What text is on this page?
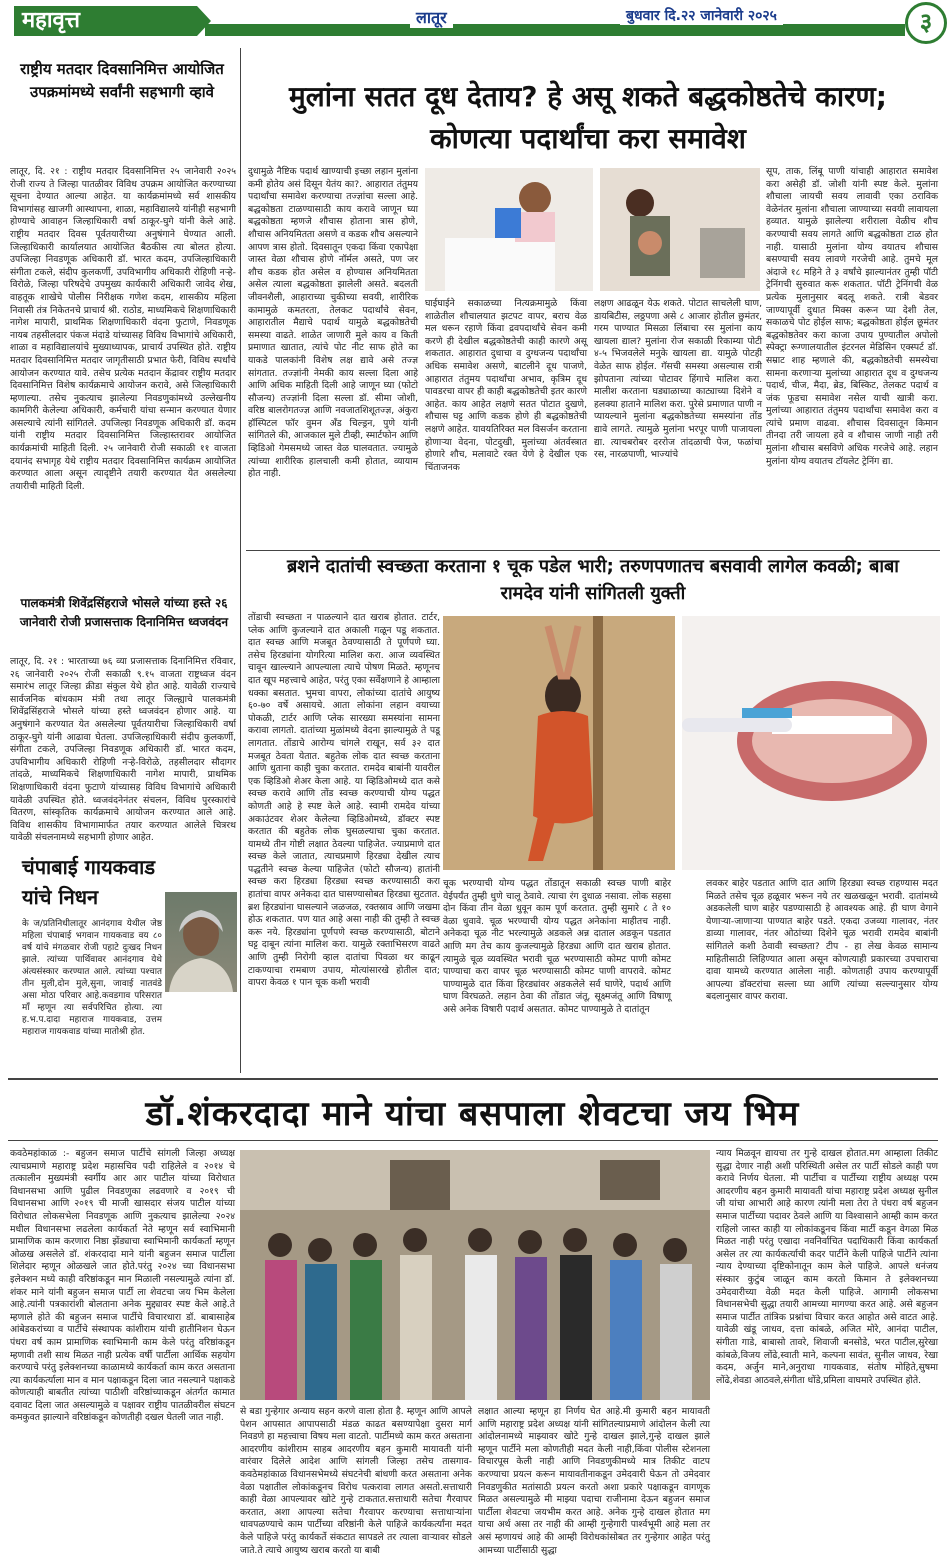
महावृत्त	लातूर	बुधवार दि.२२ जानेवारी २०२५	३
राष्ट्रीय मतदार दिवसानिमित्त आयोजित उपक्रमांमध्ये सर्वांनी सहभागी व्हावे
लातूर, दि. २१ : राष्ट्रीय मतदार दिवसानिमित्त २५ जानेवारी २०२५ रोजी राज्य ते जिल्हा पातळीवर विविध उपक्रम आयोजित करण्याच्या सूचना देण्यात आल्या आहेत. या कार्यक्रमांमध्ये सर्व शासकीय विभागांसह खाजगी आस्थापना, शाळा, महाविद्यालये यांनीही सहभागी होण्याचे आवाहन जिल्हाधिकारी वर्षा ठाकूर-घुगे यांनी केले आहे. राष्ट्रीय मतदार दिवस पूर्वतयारीच्या अनुषंगाने घेण्यात आली. जिल्हाधिकारी कार्यालयात आयोजित बैठकीस त्या बोलत होत्या. उपजिल्हा निवडणूक अधिकारी डॉ. भारत कदम, उपजिल्हाधिकारी संगीता टकले, संदीप कुलकर्णी, उपविभागीय अधिकारी रोहिणी नऱ्हे-विरोळे, जिल्हा परिषदेचे उपमुख्य कार्यकारी अधिकारी जावेद शेख, वाहतूक शाखेचे पोलीस निरीक्षक गणेश कदम, शासकीय महिला निवासी तंत्र निकेतनचे प्राचार्य श्री. राठोड, माध्यमिकचे शिक्षणाधिकारी नागेश मापारी, प्राथमिक शिक्षणाधिकारी वंदना फुटाणे, निवडणूक नायब तहसीलदार पंकज मंदाडे यांच्यासह विविध विभागांचे अधिकारी, शाळा व महाविद्यालयांचे मुख्याध्यापक, प्राचार्य उपस्थित होते. राष्ट्रीय मतदार दिवसानिमित्त मतदार जागृतीसाठी प्रभात फेरी, विविध स्पर्धांचे आयोजन करण्यात यावे. तसेच प्रत्येक मतदान केंद्रावर राष्ट्रीय मतदार दिवसानिमित्त विशेष कार्यक्रमाचे आयोजन करावे, असे जिल्हाधिकारी म्हणाल्या. तसेच नुकत्याच झालेल्या निवडणुकांमध्ये उल्लेखनीय कामगिरी केलेल्या अधिकारी, कर्मचारी यांचा सन्मान करण्यात येणार असल्याचे त्यांनी सांगितले. उपजिल्हा निवडणूक अधिकारी डॉ. कदम यांनी राष्ट्रीय मतदार दिवसानिमित्त जिल्हास्तरावर आयोजित कार्यक्रमांची माहिती दिली. २५ जानेवारी रोजी सकाळी ११ वाजता दयानंद सभागृह येथे राष्ट्रीय मतदार दिवसानिमित्त कार्यक्रम आयोजित करण्यात आला असून त्यादृष्टीने तयारी करण्यात येत असलेल्या तयारीची माहिती दिली.
पालकमंत्री शिवेंद्रसिंहराजे भोसले यांच्या हस्ते २६ जानेवारी रोजी प्रजासत्ताक दिनानिमित्त ध्वजवंदन
लातूर, दि. २१ : भारताच्या ७६ व्या प्रजासत्ताक दिनानिमित्त रविवार, २६ जानेवारी २०२५ रोजी सकाळी ९.१५ वाजता राष्ट्रध्वज वंदन समारंभ लातूर जिल्हा क्रीडा संकुल येथे होत आहे. यावेळी राज्याचे सार्वजनिक बांधकाम मंत्री तथा लातूर जिल्ह्याचे पालकमंत्री शिवेंद्रसिंहराजे भोसले यांच्या हस्ते ध्वजवंदन होणार आहे. या अनुषंगाने करण्यात येत असलेल्या पूर्वतयारीचा जिल्हाधिकारी वर्षा ठाकूर-घुगे यांनी आढावा घेतला. उपजिल्हाधिकारी संदीप कुलकर्णी, संगीता टकले, उपजिल्हा निवडणूक अधिकारी डॉ. भारत कदम, उपविभागीय अधिकारी रोहिणी नऱ्हे-विरोळे, तहसीलदार सौदागर तांदळे, माध्यमिकचे शिक्षणाधिकारी नागेश मापारी, प्राथमिक शिक्षणाधिकारी वंदना फुटाणे यांच्यासह विविध विभागांचे अधिकारी यावेळी उपस्थित होते. ध्वजवंदनेनंतर संचलन, विविध पुरस्कारांचे वितरण, सांस्कृतिक कार्यक्रमाचे आयोजन करण्यात आले आहे. विविध शासकीय विभागामार्फत तयार करण्यात आलेले चित्ररथ यावेळी संचलनामध्ये सहभागी होणार आहेत.
चंपाबाई गायकवाड यांचे निधन
के ज/प्रतिनिधीलातूर आनंदगाव येथील जेष्ठ महिला चंपाबाई भगवान गायकवाड वय ८० वर्ष यांचे मंगळवार रोजी पहाटे दुःखद निधन झाले. त्यांच्या पार्थिवावर आनंदगाव येथे अंत्यसंस्कार करण्यात आले. त्यांच्या पश्चात तीन मुली,दोन मुले,सुना, जावाई नातवंडे असा मोठा परिवार आहे.कवडगाव परिसरात माँ म्हणून त्या सर्वपरिचित होत्या. त्या ह.भ.प.दादा महाराज गायकवाड, उत्तम महाराज गायकवाड यांच्या मातोश्री होत.
मुलांना सतत दूध देताय? हे असू शकते बद्धकोष्ठतेचे कारण; कोणत्या पदार्थांचा करा समावेश
दुधामुळे नैष्टिक पदार्थ खाण्याची इच्छा लहान मुलांना कमी होतेय असं दिसून येतंय का?. आहारात तंतुमय पदार्थांचा समावेश करण्याचा तज्ज्ञांचा सल्ला आहे. बद्धकोष्ठता टाळण्यासाठी काय करावे जाणून घ्या बद्धकोष्ठता म्हणजे शौचास होताना त्रास होणे, शौचास अनियमितता असणे व कडक शौच असल्याने आपण त्रास होतो. दिवसातून एकदा किंवा एकापेक्षा जास्त वेळा शौचास होणे नॉर्मल असते, पण जर शौच कडक होत असेल व होण्यास अनियमितता असेल त्याला बद्धकोष्ठता झालेली असते. बदलती जीवनशैली, आहाराच्या चुकीच्या सवयी, शारीरिक कामामुळे कमतरता, तेलकट पदार्थांचे सेवन, आहारातील मैद्याचे पदार्थ यामुळे बद्धकोष्ठतेची समस्या वाढते. शाळेत जाणारी मुले काय व किती प्रमाणात खातात, त्यांचे पोट नीट साफ होते का याकडे पालकांनी विशेष लक्ष द्यावे असे तज्ज्ञ सांगतात. तज्ज्ञांनी नेमकी काय सल्ला दिला आहे आणि अधिक माहिती दिली आहे जाणून घ्या (फोटो सौजन्य) तज्ज्ञांनी दिला सल्ला डॉ. सीमा जोशी, वरिष्ठ बालरोगतज्ज्ञ आणि नवजातशिशूतज्ज्ञ, अंकुरा हॉस्पिटल फॉर वुमन अँड चिल्ड्रन, पुणे यांनी सांगितले की, आजकाल मुले टीव्ही, स्मार्टफोन आणि व्हिडिओ गेमसमध्ये जास्त वेळ घालवतात. ज्यामुळे त्यांच्या शारीरिक हालचाली कमी होतात, व्यायाम होत नाही.
घाईघाईने सकाळच्या नित्यक्रमामुळे किंवा शाळेतील शौचालयात झटपट वापर, बराच वेळ मल धरून रहाणे किंवा द्रवपदार्थांचे सेवन कमी करणे ही देखील बद्धकोष्ठतेची काही कारणे असू शकतात. आहारात दुधाचा व दुग्धजन्य पदार्थांचा अधिक समावेश असणे, बाटलीने दूध पाजणे, आहारात तंतुमय पदार्थांचा अभाव, कृत्रिम दूध पावडरचा वापर ही काही बद्धकोष्ठतेची इतर कारणे आहेत. काय आहेत लक्षणे सतत पोटात दुखणे, शौचास घट्ट आणि कडक होणे ही बद्धकोष्ठतेची लक्षणे आहेत. यावयतिरिक्त मल विसर्जन करताना होणाऱ्या वेदना, पोटदुखी, मुलांच्या अंतर्वस्त्रात होणारे शौच, मलावाटे रक्त येणे हे देखील एक चिंताजनक
लक्षण आढळून येऊ शकते. पोटात साचलेली घाण, डायबिटीस, लठ्ठपणा असे ८ आजार होतील छुमंतर, गरम पाण्यात मिसळा लिंबाचा रस मुलांना काय खायला द्याल? मुलांना रोज सकाळी रिकाम्या पोटी ४-५ भिजवलेले मनुके खायला द्या. यामुळे पोटही वेळेत साफ होईल. गॅसची समस्या असल्यास रात्री झोपताना त्यांच्या पोटावर हिंगाचे मालिश करा. मालीश करताना घड्याळाच्या काट्याच्या दिशेने व हलक्या हाताने मालिश करा. पुरेसे प्रमाणात पाणी न प्यायल्याने मुलांना बद्धकोष्ठतेच्या समस्यांना तोंड द्यावे लागते. त्यामुळे मुलांना भरपूर पाणी पाजायला द्या. त्याचबरोबर दररोज तांदळाची पेज, फळांचा रस, नारळपाणी, भाज्यांचे
सूप, ताक, लिंबू पाणी यांचाही आहारात समावेश करा असेही डॉ. जोशी यांनी स्पष्ट केले. मुलांना शौचाला जायची सवय लावावी एका ठराविक वेळेनंतर मुलांना शौचाला जाण्याच्या सवयी लावायला हव्यात. यामुळे झालेल्या शरीराला वेळीच शौच करण्याची सवय लागते आणि बद्धकोष्ठता टाळ होत नाही. यासाठी मुलांना योग्य वयातच शौचास बसण्याची सवय लावणे गरजेची आहे. तुमचे मूल अंदाजे १८ महिने ते ३ वर्षांचे झाल्यानंतर तुम्ही पॉटी ट्रेनिंगची सुरुवात करू शकतात. पॉटी ट्रेनिंगची वेळ प्रत्येक मुलानुसार बदलू शकते. रात्री बेडवर जाण्यापूर्वी दुधात मिक्स करून प्या देशी तेल, सकाळचे पोट होईल साफ; बद्धकोष्ठता होईल छूमंतर बद्धकोष्ठतेवर करा काजा उपाय पुण्यातील अपोलो स्पेक्ट्रा रूग्णालयातील इंटरनल मेडिसिन एक्स्पर्ट डॉ. सम्राट शाह म्हणाले की, बद्धकोष्ठतेची समस्येचा सामना करणाऱ्या मुलांच्या आहारात दूध व दुग्धजन्य पदार्थ, चीज, मैदा, ब्रेड, बिस्किट, तेलकट पदार्थ व जंक फूडचा समावेश नसेल याची खात्री करा. मुलांच्या आहारात तंतुमय पदार्थांचा समावेश करा व त्यांचे प्रमाण वाढवा. शौचास दिवसातून किमान तीनदा तरी जायला हवे व शौचास जाणी नाही तरी मुलांना शौचास बसविणे अधिक गरजेचे आहे. लहान मुलांना योग्य वयातच टॉयलेट ट्रेनिंग द्या.
ब्रशने दातांची स्वच्छता करताना १ चूक पडेल भारी; तरुणपणातच बसवावी लागेल कवळी; बाबा रामदेव यांनी सांगितली युक्ती
तोंडाची स्वच्छता न पाळल्याने दात खराब होतात. टार्टर, प्लेक आणि कुजल्याने दात अकाली गळून पडू शकतात. दात स्वच्छ आणि मजबूत ठेवण्यासाठी ते पूर्णपणे घ्या. तसेच हिरड्यांना योगरित्या मालिश करा. आज व्यवस्थित चावून खाल्ल्याने आपल्याला त्याचे पोषण मिळते. म्हणूनच दात खूप महत्त्वाचे आहेत, परंतु एका सर्वेक्षणाने हे आम्हाला धक्का बसतात. भुमचा वापरा, लोकांच्या दातांचे आयुष्य ६०-७० वर्षे असायचे. आता लोकांना लहान वयाच्या पोकळी, टार्टर आणि प्लेक सारख्या समस्यांना सामना करावा लागतो. दातांच्या मुळांमध्ये वेदना झाल्यामुळे ते पडू लागतात. तोंडाचे आरोग्य चांगले राखून, सर्व ३२ दात मजबूत ठेवता येतात. बहुतेक लोक दात स्वच्छ करताना आणि धुताना काही चुका करतात. रामदेव बाबांनी यावरील एक व्हिडिओ शेअर केला आहे. या व्हिडिओमध्ये दात कसे स्वच्छ करावे आणि तोंड स्वच्छ करण्याची योग्य पद्धत कोणती आहे हे स्पष्ट केले आहे. स्वामी रामदेव यांच्या अकाउंटवर शेअर केलेल्या व्हिडिओमध्ये, डॉक्टर स्पष्ट करतात की बहुतेक लोक घुसळल्याचा चुका करतात. यामध्ये तीन गोष्टी लक्षात ठेवल्या पाहिजेत. ज्याप्रमाणे दात स्वच्छ केले जातात, त्याचप्रमाणे हिरड्या देखील त्याच पद्धतीने स्वच्छ केल्या पाहिजेत (फोटो सौजन्य) हातांनी स्वच्छ करा हिरड्या हिरड्या स्वच्छ करण्यासाठी करा हातांचा वापर अनेकदा दात घासण्यासोबत हिरड्या सुटतात. ब्रश हिरड्यांना घासल्याने जळजळ, रक्तस्राव आणि जखमा होऊ शकतात. पण यात आहे असा नाही की तुम्ही ते स्वच्छ करू नये. हिरड्यांना पूर्णपणे स्वच्छ करण्यासाठी, बोटाने घट्ट दाबून त्यांना मालिश करा. यामुळे रक्ताभिसरण वाढते आणि तुम्ही निरोगी व्हाल दातांचा पिवळा थर काढून टाकण्याचा रामबाण उपाय, मोत्यांसारखे होतील दात; वापरा केवळ १ पान चूक कशी भरावी
चूक भरण्याची योग्य पद्धत तोंडातून सकाळी स्वच्छ पाणी बाहेर येईपर्यंत तुम्ही धुणे चालू ठेवावे. त्याचा रंग दुधाळ नसावा. लोक सहसा दोन किंवा तीन वेळा धुवून काम पूर्ण करतात. तुम्ही सुमारे ८ ते १० वेळा धुवावे. चूळ भरण्याची योग्य पद्धत अनेकांना माहीतच नाही. अनेकदा चूळ नीट भरल्यामुळे अडकले अन्न दाताल अडकून पडतात आणि मग तेच काय कुजल्यामुळे हिरड्या आणि दात खराब होतात. त्यामुळे चूळ व्यवस्थित भरावी चूळ भरण्यासाठी कोमट पाणी कोमट पाण्याचा करा वापर चूळ भरण्यासाठी कोमट पाणी वापरावे. कोमट पाण्यामुळे दात किंवा हिरड्यांवर अडकलेले सर्व घाणेरे, पदार्थ आणि घाण विरघळते. लहान ठेवा की तोंडात जंतू, सूक्ष्मजंतू आणि विषाणू असे अनेक विषारी पदार्थ असतात. कोमट पाण्यामुळे ते दातांतून
लवकर बाहेर पडतात आणि दात आणि हिरड्या स्वच्छ राहण्यास मदत मिळते तसेच चूळ हळूवार भरून नये तर खळखळून भरावी. दातांमध्ये अडकलेली घाण बाहेर पडण्यासाठी हे आवश्यक आहे. ही घाण वेगाने येणाऱ्या-जाणाऱ्या पाण्यात बाहेर पडते. एकदा उजव्या गालावर, नंतर डाव्या गालावर, नंतर ओठांच्या दिशेने चूळ भरावी रामदेव बाबांनी सांगितले कशी ठेवावी स्वच्छता? टीप - हा लेख केवळ सामान्य माहितीसाठी लिहिण्यात आला असून कोणत्याही प्रकारच्या उपचाराचा दावा यामध्ये करण्यात आलेला नाही. कोणताही उपाय करण्यापूर्वी आपल्या डॉक्टरांचा सल्ला घ्या आणि त्यांच्या सल्ल्यानुसार योग्य बदलानुसार वापर करावा.
डॉ.शंकरदादा माने यांचा बसपाला शेवटचा जय भिम
कवठेमहांकाळ :- बहुजन समाज पार्टीचे सांगली जिल्हा अध्यक्ष त्याचप्रमाणे महाराष्ट्र प्रदेश महासचिव पदी राहिलेले व २०१४ चे तत्कालीन मुख्यमंत्री स्वर्गीय आर आर पाटील यांच्या विरोधात विधानसभा आणि पुढील निवडणुका लढवणारे व २०१९ ची विधानसभा आणि २०१९ ची माजी खासदार संजय पाटील यांच्या विरोधात लोकसभेला निवडणूक आणि नुकत्याच झालेल्या २०२४ मधील विधानसभा लढलेला कार्यकर्ता नेते म्हणून सर्व स्वाभिमानी प्रामाणिक काम करणारा निष्ठा झेंड्याचा स्वाभिमानी कार्यकर्ता म्हणून ओळख असलेले डॉ. शंकरदादा माने यांनी बहुजन समाज पार्टीला शिलेदार म्हणून ओळखले जात होते.परंतु २०२४ च्या विधानसभा इलेक्शन मध्ये काही वरिष्ठांकडून मान मिळाली नसल्यामुळे त्यांना डॉ. शंकर माने यांनी बहुजन समाज पार्टी ला शेवटचा जय भिम केलेला आहे.त्यांनी पत्रकारांशी बोलताना अनेक मुद्द्यावर स्पष्ट केले आहे.ते म्हणाले होते की बहुजन समाज पार्टीचे विचारधारा डॉ. बाबासाहेब आंबेडकरांच्या व पार्टीचे संस्थापक कांशीराम यांची हातीनिशन घेऊन पंधरा वर्ष काम प्रामाणिक स्वाभिमानी काम केले परंतु वरिष्ठांकडून म्हणावी तशी साथ मिळत नाही प्रत्येक वर्षी पार्टीला आर्थिक सहयोग करण्याचे परंतु इलेक्शनच्या काळामध्ये कार्यकर्ता काम करत असताना त्या कार्यकर्त्याला मान व मान पक्षाकडून दिला जात नसल्याने पक्षाकडे कोणत्याही बाबतीत त्यांच्या पाठीशी वरिष्ठांच्याकडून अंतर्गत कामात दवावट दिला जात असल्यामुळे व पक्षावर राष्ट्रीय पातळीवरील संघटन कमकुवत झाल्याने वरिष्ठांकडून कोणतीही दखल घेतली जात नाही.
से बडा गुन्हेगार अन्याय सहन करणे वाला होता है. म्हणून आणि आपले पेशन आपसात आपापसाठी मंडळ काढत बसण्यापेक्षा दुसरा मार्ग निवडणे हा महत्त्वाचा विषय मला वाटतो. पार्टीमध्ये काम करत असताना आदरणीय कांशीराम साहब आदरणीय बहन कुमारी मायावती यांनी वारंवार दिलेले आदेश आणि सांगली जिल्हा तसेच तासगाव-कवठेमहांकाळ विधानसभेमध्ये संघटनेची बांधणी करत असताना अनेक वेळा पक्षातील लोकांकडूनच विरोध पत्करावा लागत असतो.सत्ताधारी काही वेळा आपल्यावर खोटे गुन्हे टाकतात.सत्ताधारी सतेचा गैरवापर करतात, अशा आपल्या सतेचा गैरवापर करण्याचा सत्ताधाऱ्यांना धावपळण्याचे काम पार्टीच्या वरिष्ठांनी केले पाहिजे कार्यकर्त्यांना मदत केले पाहिजे परंतु कार्यकर्ते संकटात सापडले तर त्याला वाऱ्यावर सोडले जाते.ते त्याचे आयुष्य खराब करतो या बाबी
लक्षात आल्या म्हणून हा निर्णय घेत आहे.मी कुमारी बहन मायावती आणि महाराष्ट्र प्रदेश अध्यक्ष यांनी सांगितल्याप्रमाणे आंदोलन केली त्या आंदोलनामध्ये माझ्यावर खोटे गुन्हे दाखल झाले,गुन्हे दाखल झाले म्हणून पार्टीने मला कोणतीही मदत केली नाही,किंवा पोलीस स्टेशनला विचारपूस केली नाही आणि निवडणुकीमध्ये मात्र तिकीट वाटप करण्याचा प्रयत्न करून मायावतीनाकडून उमेदवारी घेऊन तो उमेदवार निवडणुकीत मतांसाठी प्रयत्न करतो अशा प्रकारे पक्षाकडून वागणूक मिळत असल्यामुळे मी माझ्या पदाचा राजीनामा देऊन बहुजन समाज पार्टीला शेवटचा जयभीम करत आहे. अनेक गुन्हे दाखल होतात मग याचा अर्थ असा तर नाही की आम्ही गुन्हेगारी पार्श्वभूमी आहे मला तर असं म्हणायचं आहे की आम्ही विरोधकांसोबत तर गुन्हेगार आहेत परंतु आमच्या पार्टीसाठी सुद्धा
न्याय मिळवून द्यायचा तर गुन्हे दाखल होतात.मग आम्हाला तिकीट सुद्धा देणार नाही अशी परिस्थिती असेल तर पार्टी सोडले काही पण करावे निर्णय घेतला. मी पार्टीचा व पार्टीच्या राष्ट्रीय अध्यक्ष परम आदरणीय बहन कुमारी मायावती यांचा महाराष्ट्र प्रदेश अध्यक्ष सुनील जी यांचा आभारी आहे कारण त्यांनी मला तेरा ते पंधरा वर्ष बहुजन समाज पार्टीच्या पदावर ठेवले आणि या विश्वासाने आम्ही काम करत राहिलो जास्त काही या लोकांकडूनच किंवा मार्टी कडून वेगळा मिळ मिळत नाही परंतु एखादा नवनिर्वाचित पदाधिकारी किंवा कार्यकर्ता असेल तर त्या कार्यकर्त्याची कदर पार्टीने केली पाहिजे पार्टीने त्यांना न्याय देण्याच्या दृष्टिकोनातून काम केले पाहिजे. आपले धनंजय संस्कार कुटुंब जाळून काम करतो किमान ते इलेक्शनच्या उमेदवारीच्या वेळी मदत केली पाहिजे. आगामी लोकसभा विधानसभेची सुद्धा तयारी आमच्या मागण्या करत आहे. असे बहुजन समाज पार्टीत तांत्रिक प्रश्नांचा विचार करत आहोत असे वाटत आहे. यावेळी खंडू जाधव, दत्ता कांबळे, अजित मोरे, आनंदा पाटील, संगीता गाडे, बाबासो तावरे, शिवाजी बनसोडे, भरत पाटील,सुरेखा कांबळे,विजय लोंढे,स्वाती माने, कल्पना सावंत, सुनील जाधव, रेखा कदम, अर्जुन माने,अनुराधा गायकवाड, संतोष मोहिते,सुषमा लोंढे,शेवडा आठवले,संगीता धोंडे,प्रमिला वाघमारे उपस्थित होते.
